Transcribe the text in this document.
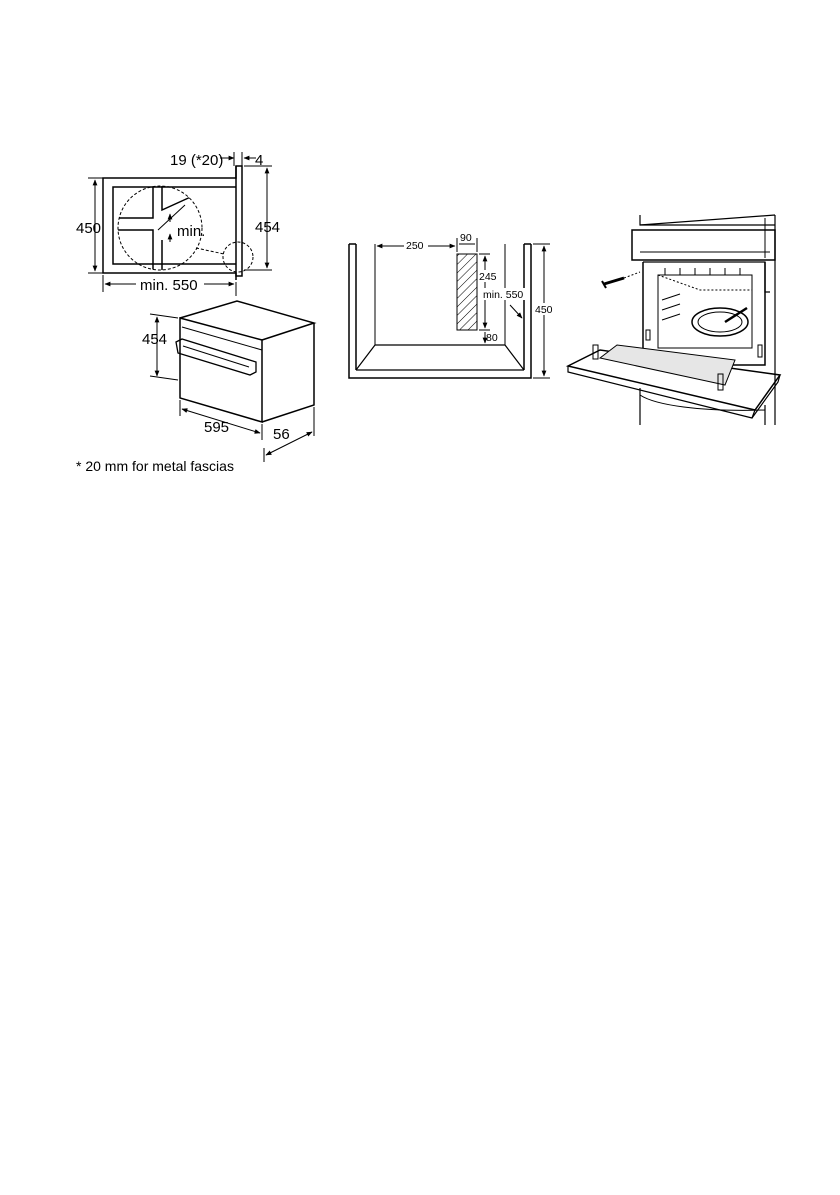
min.
19 (*20) 4
450	454
min. 550
454
595	56
* 20 mm for metal fascias
250
90
245
80
min. 550
450
